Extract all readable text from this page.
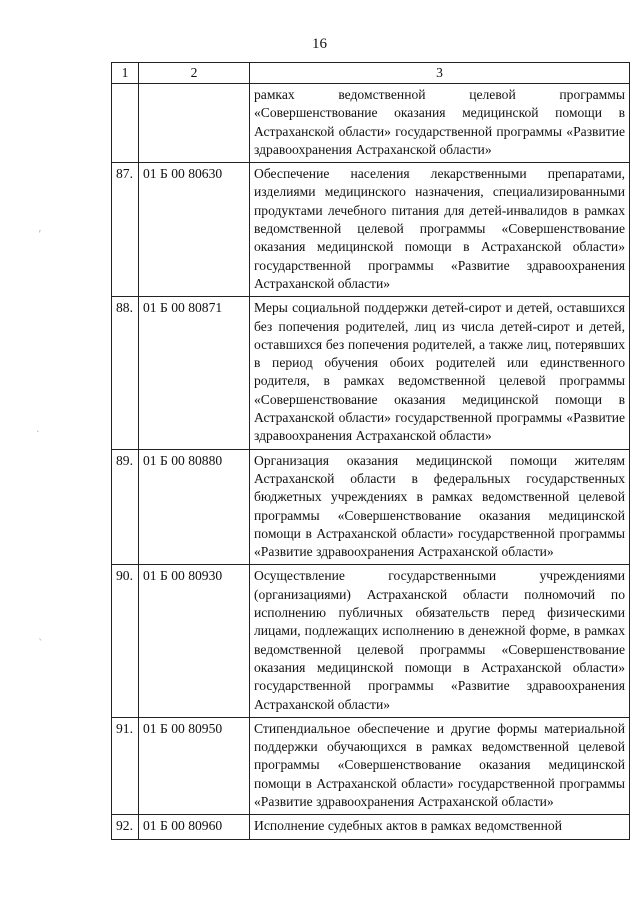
16
ʼ
·
ˎ
1	2	3
		рамках ведомственной целевой программы «Совершенствование оказания медицинской помощи в Астраханской области» государственной программы «Развитие здравоохранения Астраханской области»
87.	01 Б 00 80630	Обеспечение населения лекарственными препаратами, изделиями медицинского назначения, специализированными продуктами лечебного питания для детей-инвалидов в рамках ведомственной целевой программы «Совершенствование оказания медицинской помощи в Астраханской области» государственной программы «Развитие здравоохранения Астраханской области»
88.	01 Б 00 80871	Меры социальной поддержки детей-сирот и детей, оставшихся без попечения родителей, лиц из числа детей-сирот и детей, оставшихся без попечения родителей, а также лиц, потерявших в период обучения обоих родителей или единственного родителя, в рамках ведомственной целевой программы «Совершенствование оказания медицинской помощи в Астраханской области» государственной программы «Развитие здравоохранения Астраханской области»
89.	01 Б 00 80880	Организация оказания медицинской помощи жителям Астраханской области в федеральных государственных бюджетных учреждениях в рамках ведомственной целевой программы «Совершенствование оказания медицинской помощи в Астраханской области» государственной программы «Развитие здравоохранения Астраханской области»
90.	01 Б 00 80930	Осуществление государственными учреждениями (организациями) Астраханской области полномочий по исполнению публичных обязательств перед физическими лицами, подлежащих исполнению в денежной форме, в рамках ведомственной целевой программы «Совершенствование оказания медицинской помощи в Астраханской области» государственной программы «Развитие здравоохранения Астраханской области»
91.	01 Б 00 80950	Стипендиальное обеспечение и другие формы материальной поддержки обучающихся в рамках ведомственной целевой программы «Совершенствование оказания медицинской помощи в Астраханской области» государственной программы «Развитие здравоохранения Астраханской области»
92.	01 Б 00 80960	Исполнение судебных актов в рамках ведомственной
